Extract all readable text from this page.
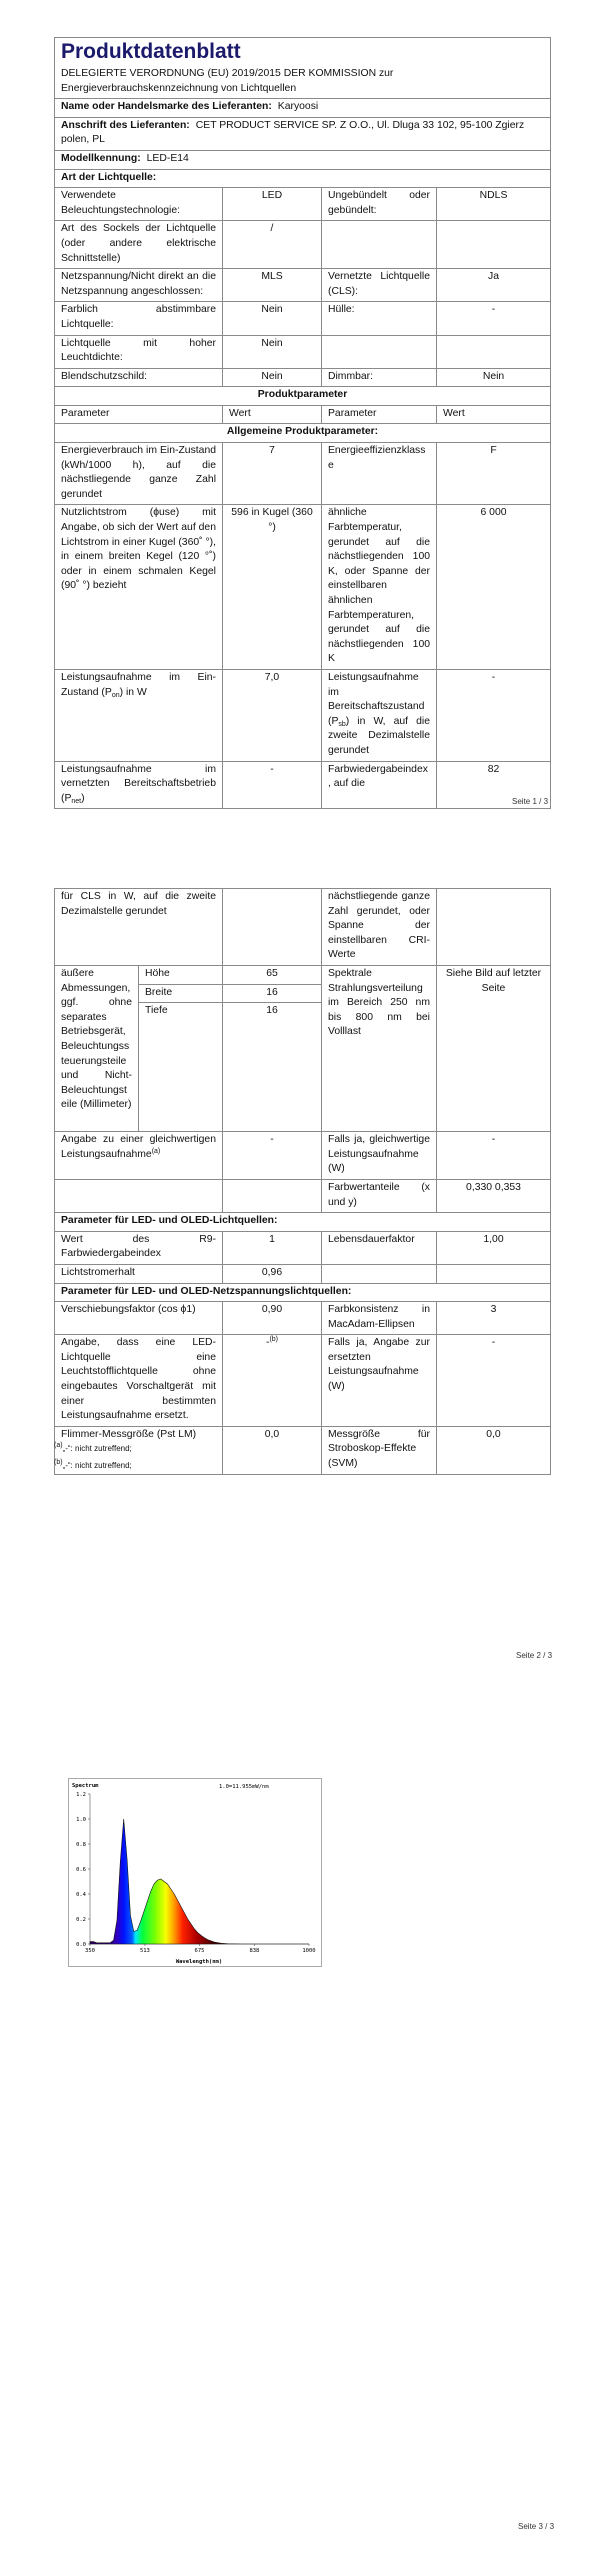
Produktdatenblatt
DELEGIERTE VERORDNUNG (EU) 2019/2015 DER KOMMISSION zur Energieverbrauchskennzeichnung von Lichtquellen			

Name oder Handelsmarke des Lieferanten: Karyoosi			
Anschrift des Lieferanten: CET PRODUCT SERVICE SP. Z O.O., Ul. Dluga 33 102, 95-100 Zgierz polen, PL			
Modellkennung: LED-E14			
Art der Lichtquelle:			
Verwendete Beleuchtungstechnologie:	LED	Ungebündelt oder gebündelt:	NDLS
Art des Sockels der Lichtquelle (oder andere elektrische Schnittstelle)	/		
Netzspannung/Nicht direkt an die Netzspannung angeschlossen:	MLS	Vernetzte Lichtquelle (CLS):	Ja
Farblich abstimmbare Lichtquelle:	Nein	Hülle:	-
Lichtquelle mit hoher Leuchtdichte:	Nein		
Blendschutzschild:	Nein	Dimmbar:	Nein
Produktparameter			
Parameter	Wert	Parameter	Wert
Allgemeine Produktparameter:			
Energieverbrauch im Ein-Zustand (kWh/1000 h), auf die nächstliegende ganze Zahl gerundet	7	Energieeffizienzklasse	F
Nutzlichtstrom (ϕuse) mit Angabe, ob sich der Wert auf den Lichtstrom in einer Kugel (360˚ °), in einem breiten Kegel (120 °˚) oder in einem schmalen Kegel (90˚ °) bezieht	596 in Kugel (360 °)	ähnliche Farbtemperatur, gerundet auf die nächstliegenden 100 K, oder Spanne der einstellbaren ähnlichen Farbtemperaturen, gerundet auf die nächstliegenden 100 K	6 000
Leistungsaufnahme im Ein-Zustand $(P_{on})$ in W	7,0	Leistungsaufnahme im Bereitschaftszustand $(P_{sb})$ in W, auf die zweite Dezimalstelle gerundet	-
Leistungsaufnahme im vernetzten Bereitschaftsbetrieb $(P_{net})$	-	Farbwiedergabeindex, auf die	82
Seite 1 / 3
für CLS in W, auf die zweite Dezimalstelle gerundet			nächstliegende ganze Zahl gerundet, oder Spanne der einstellbaren CRI-Werte	
äußere Abmessungen, ggf. ohne separates Betriebsgerät, Beleuchtungssteuerungsteile und Nicht-Beleuchtungsteile (Millimeter)	Höhe	65	Spektrale Strahlungsverteilung im Bereich 250 nm bis 800 nm bei Volllast	Siehe Bild auf letzter Seite
	Breite	16		
	Tiefe	16		
Angabe zu einer gleichwertigen Leistungsaufnahme$^{(a)}$		-	Falls ja, gleichwertige Leistungsaufnahme (W)	-
			Farbwertanteile (x und y)	0,330 0,353
Parameter für LED- und OLED-Lichtquellen:				
Wert des R9-Farbwiedergabeindex		1	Lebensdauerfaktor	1,00
Lichtstromerhalt		0,96		
Parameter für LED- und OLED-Netzspannungslichtquellen:				
Verschiebungsfaktor (cos ϕ1)		0,90	Farbkonsistenz in MacAdam-Ellipsen	3
Angabe, dass eine LED-Lichtquelle eine Leuchtstofflichtquelle ohne eingebautes Vorschaltgerät mit einer bestimmten Leistungsaufnahme ersetzt.		-$^{(b)}$	Falls ja, Angabe zur ersetzten Leistungsaufnahme (W)	-
Flimmer-Messgröße (Pst LM)		0,0	Messgröße für Stroboskop-Effekte (SVM)	0,0
$^{(a)}$„-“: nicht zutreffend;
$^{(b)}$„-“: nicht zutreffend;
Seite 2 / 3
Spectrum	1.0=11.955mW/nm
0.0
0.2
0.4
0.6
0.8
1.0
1.2
350	513	675	838	1000
Wavelength(nm)
Seite 3 / 3
